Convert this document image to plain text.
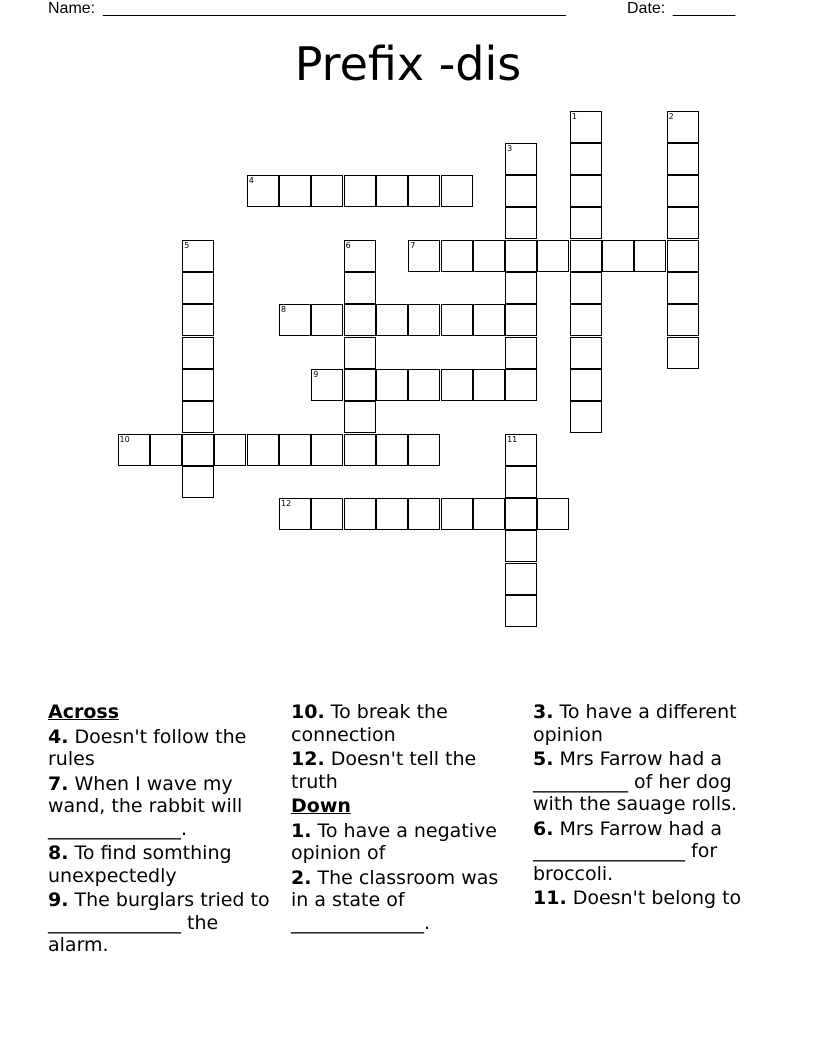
Name: ____________________________________________________	Date: _______
Prefix -dis
1	2
3
4
5	6	7
8
9
10	11
12
Across
4. Doesn't follow the rules
7. When I wave my wand, the rabbit will ______________.
8. To find somthing unexpectedly
9. The burglars tried to ______________ the alarm.
10. To break the connection
12. Doesn't tell the truth
Down
1. To have a negative opinion of
2. The classroom was in a state of ______________.
3. To have a different opinion
5. Mrs Farrow had a __________ of her dog with the sauage rolls.
6. Mrs Farrow had a ________________ for broccoli.
11. Doesn't belong to
